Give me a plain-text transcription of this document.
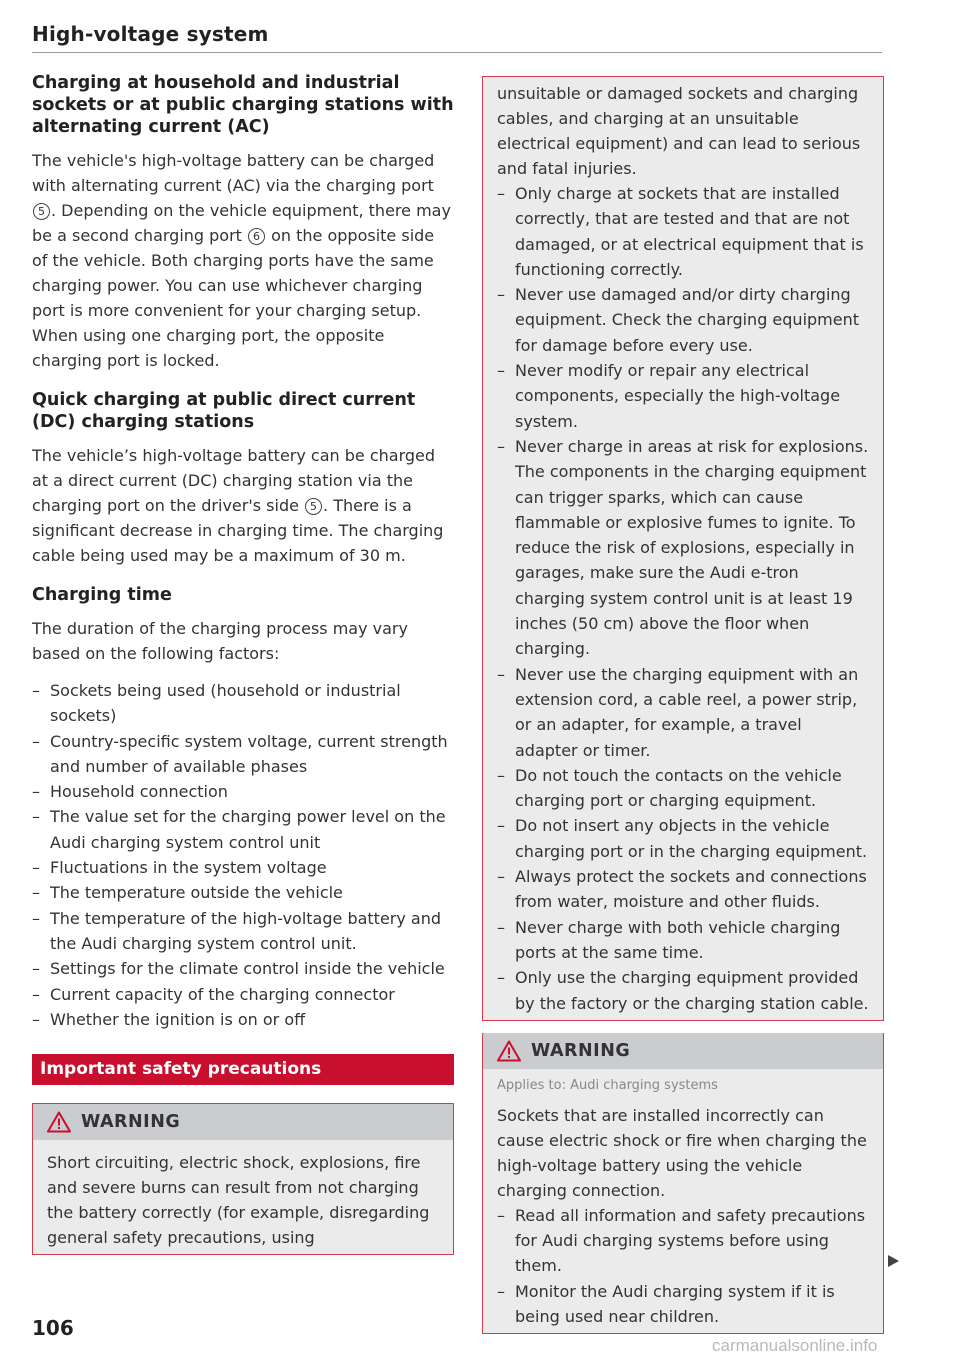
High-voltage system
Charging at household and industrial sockets or at public charging stations with alternating current (AC)

The vehicle's high-voltage battery can be charged with alternating current (AC) via the charging port 5 . Depending on the vehicle equipment, there may be a second charging port 6 on the opposite side of the vehicle. Both charging ports have the same charging power. You can use whichever charging port is more convenient for your charging setup. When using one charging port, the opposite charging port is locked.

Quick charging at public direct current (DC) charging stations

The vehicle’s high-voltage battery can be charged at a direct current (DC) charging station via the charging port on the driver's side 5 . There is a significant decrease in charging time. The charging cable being used may be a maximum of 30 m.

Charging time

The duration of the charging process may vary based on the following factors:

– Sockets being used (household or industrial sockets)
– Country-specific system voltage, current strength and number of available phases
– Household connection
– The value set for the charging power level on the Audi charging system control unit
– Fluctuations in the system voltage
– The temperature outside the vehicle
– The temperature of the high-voltage battery and the Audi charging system control unit.
– Settings for the climate control inside the vehicle
– Current capacity of the charging connector
– Whether the ignition is on or off
Important safety precautions
WARNING

Short circuiting, electric shock, explosions, fire and severe burns can result from not charging the battery correctly (for example, disregarding general safety precautions, using

unsuitable or damaged sockets and charging cables, and charging at an unsuitable electrical equipment) and can lead to serious and fatal injuries.

– Only charge at sockets that are installed correctly, that are tested and that are not damaged, or at electrical equipment that is functioning correctly.
– Never use damaged and/or dirty charging equipment. Check the charging equipment for damage before every use.
– Never modify or repair any electrical components, especially the high-voltage system.
– Never charge in areas at risk for explosions. The components in the charging equipment can trigger sparks, which can cause flammable or explosive fumes to ignite. To reduce the risk of explosions, especially in garages, make sure the Audi e-tron charging system control unit is at least 19 inches (50 cm) above the floor when charging.
– Never use the charging equipment with an extension cord, a cable reel, a power strip, or an adapter, for example, a travel adapter or timer.
– Do not touch the contacts on the vehicle charging port or charging equipment.
– Do not insert any objects in the vehicle charging port or in the charging equipment.
– Always protect the sockets and connections from water, moisture and other fluids.
– Never charge with both vehicle charging ports at the same time.
– Only use the charging equipment provided by the factory or the charging station cable.
WARNING
Applies to: Audi charging systems

Sockets that are installed incorrectly can cause electric shock or fire when charging the high-voltage battery using the vehicle charging connection.

– Read all information and safety precautions for Audi charging systems before using them.
– Monitor the Audi charging system if it is being used near children.
106
carmanualsonline.info
